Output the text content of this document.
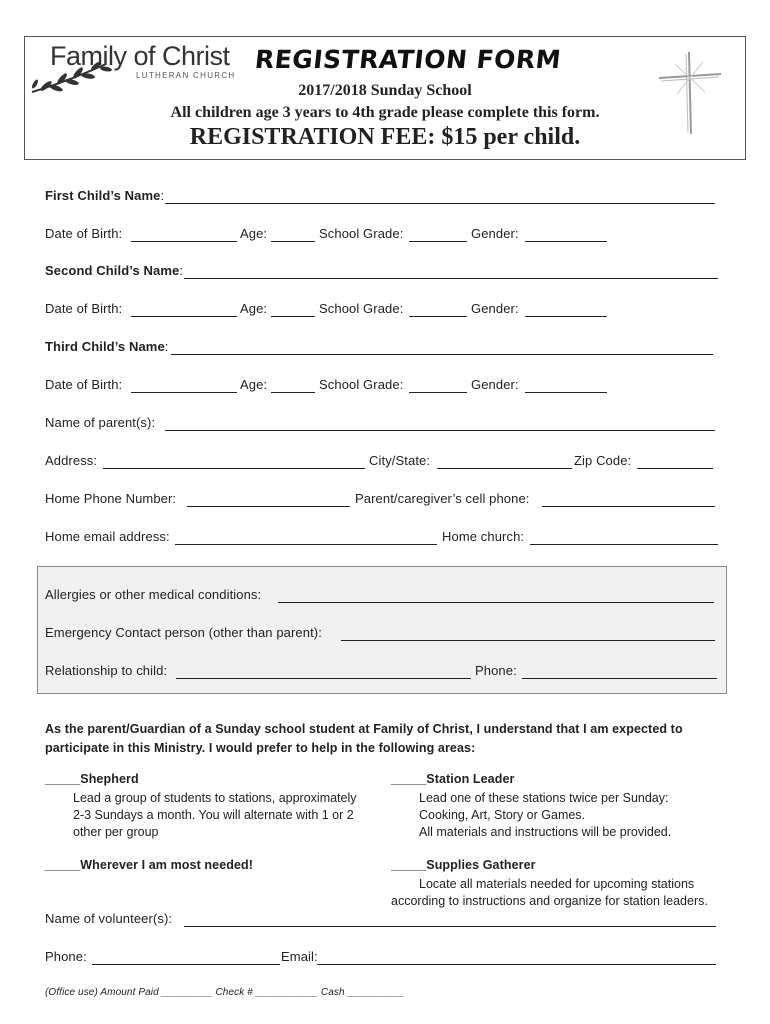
Family of Christ
LUTHERAN CHURCH
REGISTRATION FORM
2017/2018 Sunday School
All children age 3 years to 4th grade please complete this form.
REGISTRATION FEE: $15 per child.
First Child’s Name:
Date of Birth:	Age:	School Grade:	Gender:
Second Child’s Name:
Date of Birth:	Age:	School Grade:	Gender:
Third Child’s Name:
Date of Birth:	Age:	School Grade:	Gender:
Name of parent(s):
Address:	City/State:	Zip Code:
Home Phone Number:	Parent/caregiver’s cell phone:
Home email address:	Home church:
Allergies or other medical conditions:
Emergency Contact person (other than parent):
Relationship to child:	Phone:
As the parent/Guardian of a Sunday school student at Family of Christ, I understand that I am expected to
participate in this Ministry. I would prefer to help in the following areas:
_____Shepherd
Lead a group of students to stations, approximately
2-3 Sundays a month. You will alternate with 1 or 2
other per group
_____Station Leader
Lead one of these stations twice per Sunday:
Cooking, Art, Story or Games.
All materials and instructions will be provided.
_____Wherever I am most needed!	_____Supplies Gatherer
Locate all materials needed for upcoming stations
according to instructions and organize for station leaders.
Name of volunteer(s):
Phone:	Email:
(Office use) Amount Paid _________ Check # ___________ Cash __________
